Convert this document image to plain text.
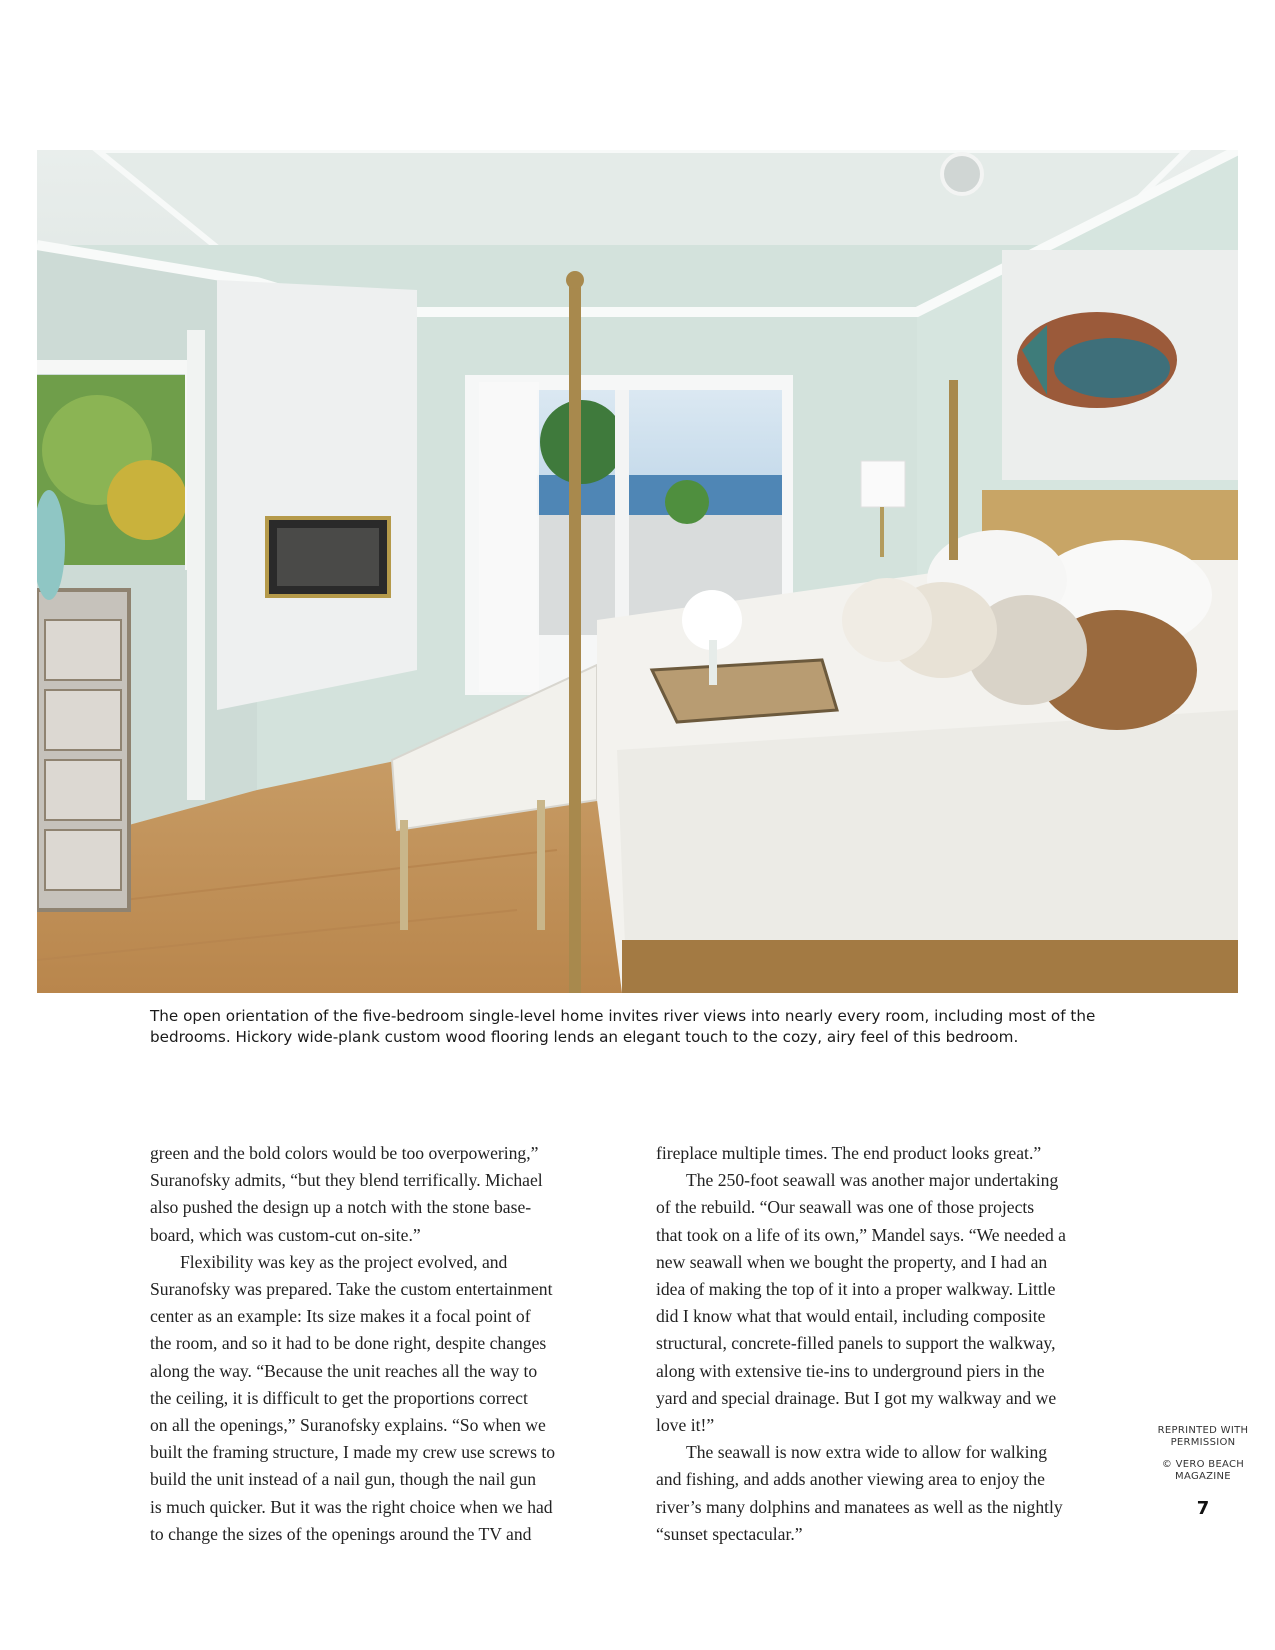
The open orientation of the five-bedroom single-level home invites river views into nearly every room, including most of the

bedrooms. Hickory wide-plank custom wood flooring lends an elegant touch to the cozy, airy feel of this bedroom.

green and the bold colors would be too overpowering,”

Suranofsky admits, “but they blend terrifically. Michael

also pushed the design up a notch with the stone base-

board, which was custom-cut on-site.”

Flexibility was key as the project evolved, and

Suranofsky was prepared. Take the custom entertainment

center as an example: Its size makes it a focal point of

the room, and so it had to be done right, despite changes

along the way. “Because the unit reaches all the way to

the ceiling, it is difficult to get the proportions correct

on all the openings,” Suranofsky explains. “So when we

built the framing structure, I made my crew use screws to

build the unit instead of a nail gun, though the nail gun

is much quicker. But it was the right choice when we had

to change the sizes of the openings around the TV and

fireplace multiple times. The end product looks great.”

The 250-foot seawall was another major undertaking

of the rebuild. “Our seawall was one of those projects

that took on a life of its own,” Mandel says. “We needed a

new seawall when we bought the property, and I had an

idea of making the top of it into a proper walkway. Little

did I know what that would entail, including composite

structural, concrete-filled panels to support the walkway,

along with extensive tie-ins to underground piers in the

yard and special drainage. But I got my walkway and we

love it!”

The seawall is now extra wide to allow for walking

and fishing, and adds another viewing area to enjoy the

river’s many dolphins and manatees as well as the nightly

“sunset spectacular.”

REPRINTED WITH

PERMISSION

© VERO BEACH

MAGAZINE

7
